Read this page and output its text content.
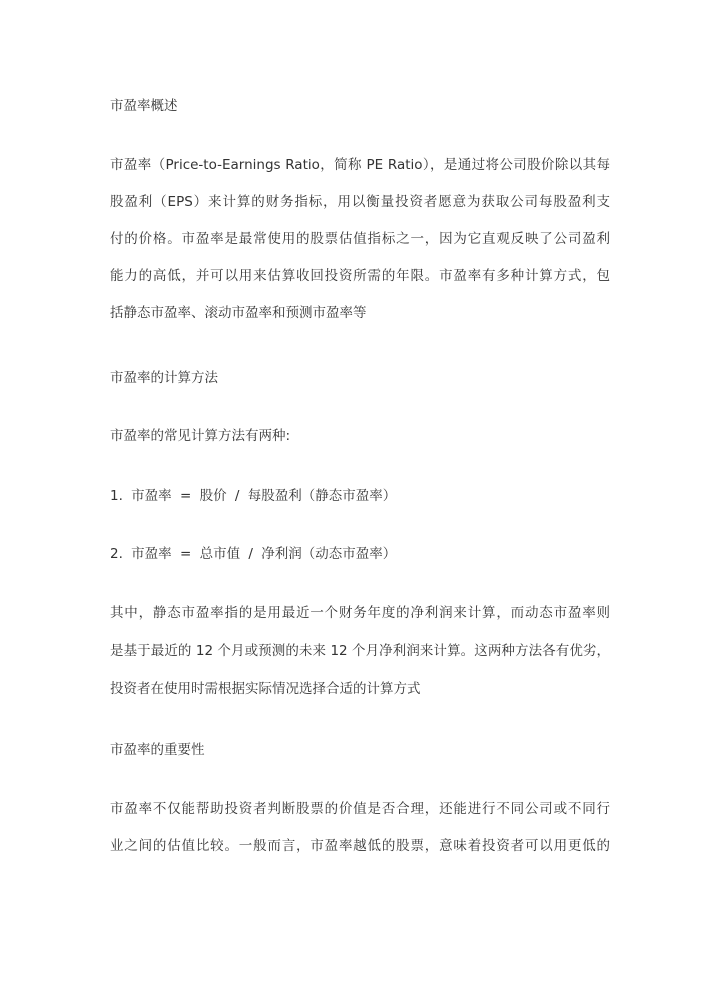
市盈率概述
市盈率（Price-to-Earnings Ratio，简称 PE Ratio），是通过将公司股价除以其每
股盈利（EPS）来计算的财务指标，用以衡量投资者愿意为获取公司每股盈利支
付的价格。市盈率是最常使用的股票估值指标之一，因为它直观反映了公司盈利
能力的高低，并可以用来估算收回投资所需的年限。市盈率有多种计算方式，包
括静态市盈率、滚动市盈率和预测市盈率等
市盈率的计算方法
市盈率的常见计算方法有两种:
1. 市盈率 = 股价 / 每股盈利（静态市盈率）
2. 市盈率 = 总市值 / 净利润（动态市盈率）
其中，静态市盈率指的是用最近一个财务年度的净利润来计算，而动态市盈率则
是基于最近的 12 个月或预测的未来 12 个月净利润来计算。这两种方法各有优劣，
投资者在使用时需根据实际情况选择合适的计算方式
市盈率的重要性
市盈率不仅能帮助投资者判断股票的价值是否合理，还能进行不同公司或不同行
业之间的估值比较。一般而言，市盈率越低的股票，意味着投资者可以用更低的
